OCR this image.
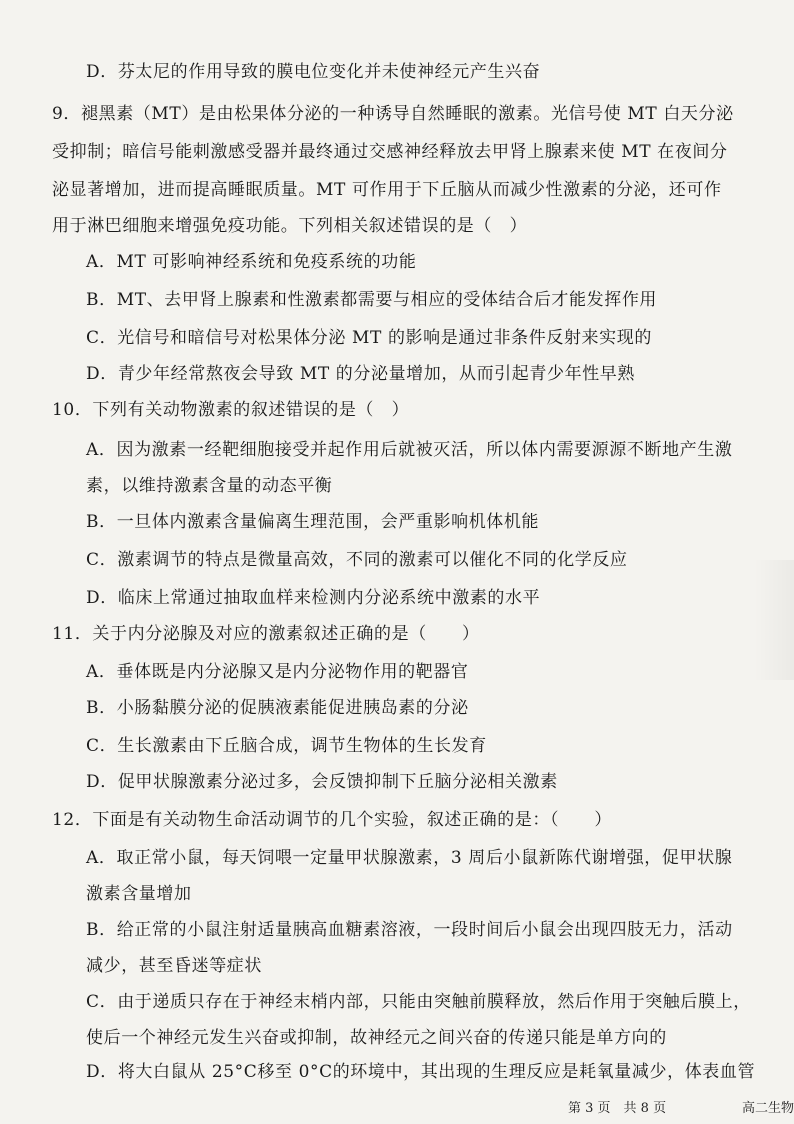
D．芬太尼的作用导致的膜电位变化并未使神经元产生兴奋
9．褪黑素（MT）是由松果体分泌的一种诱导自然睡眠的激素。光信号使 MT 白天分泌
受抑制；暗信号能刺激感受器并最终通过交感神经释放去甲肾上腺素来使 MT 在夜间分
泌显著增加，进而提高睡眠质量。MT 可作用于下丘脑从而减少性激素的分泌，还可作
用于淋巴细胞来增强免疫功能。下列相关叙述错误的是（　）
A．MT 可影响神经系统和免疫系统的功能
B．MT、去甲肾上腺素和性激素都需要与相应的受体结合后才能发挥作用
C．光信号和暗信号对松果体分泌 MT 的影响是通过非条件反射来实现的
D．青少年经常熬夜会导致 MT 的分泌量增加，从而引起青少年性早熟
10．下列有关动物激素的叙述错误的是（　）
A．因为激素一经靶细胞接受并起作用后就被灭活，所以体内需要源源不断地产生激
素，以维持激素含量的动态平衡
B．一旦体内激素含量偏离生理范围，会严重影响机体机能
C．激素调节的特点是微量高效，不同的激素可以催化不同的化学反应
D．临床上常通过抽取血样来检测内分泌系统中激素的水平
11．关于内分泌腺及对应的激素叙述正确的是（　　）
A．垂体既是内分泌腺又是内分泌物作用的靶器官
B．小肠黏膜分泌的促胰液素能促进胰岛素的分泌
C．生长激素由下丘脑合成，调节生物体的生长发育
D．促甲状腺激素分泌过多，会反馈抑制下丘脑分泌相关激素
12．下面是有关动物生命活动调节的几个实验，叙述正确的是：（　　）
A．取正常小鼠，每天饲喂一定量甲状腺激素，3 周后小鼠新陈代谢增强，促甲状腺
激素含量增加
B．给正常的小鼠注射适量胰高血糖素溶液，一段时间后小鼠会出现四肢无力，活动
减少，甚至昏迷等症状
C．由于递质只存在于神经末梢内部，只能由突触前膜释放，然后作用于突触后膜上，
使后一个神经元发生兴奋或抑制，故神经元之间兴奋的传递只能是单方向的
D．将大白鼠从 25°C移至 0°C的环境中，其出现的生理反应是耗氧量减少，体表血管
第 3 页　共 8 页	高二生物
